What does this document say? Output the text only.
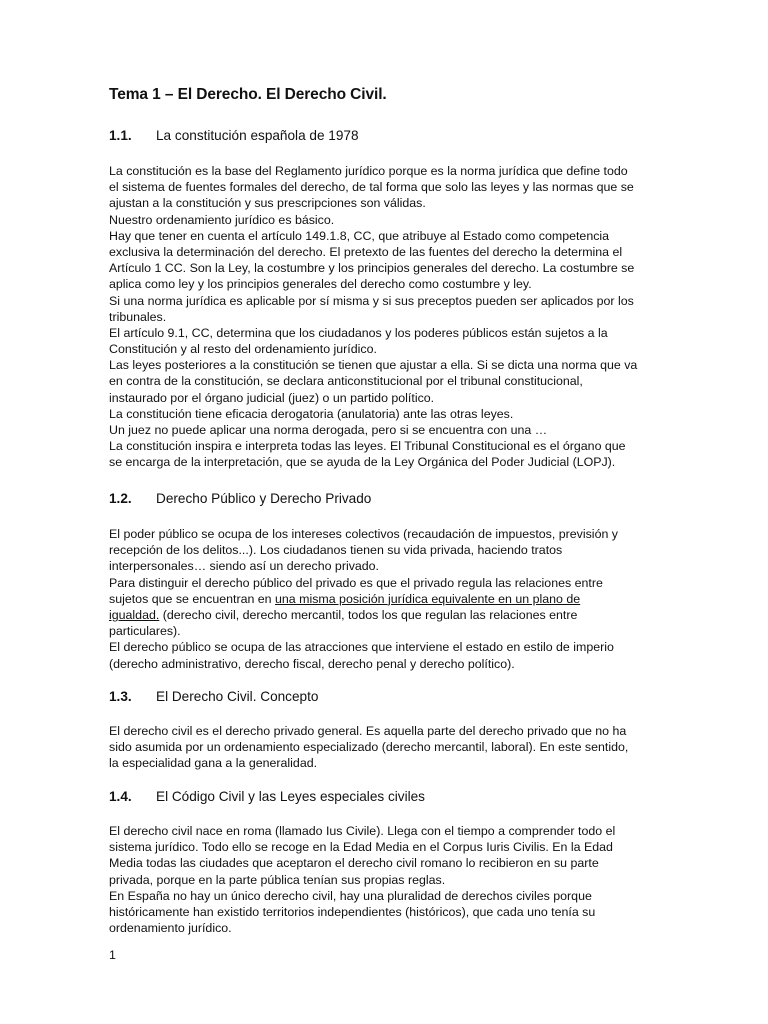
Tema 1 – El Derecho. El Derecho Civil.
1.1. La constitución española de 1978
La constitución es la base del Reglamento jurídico porque es la norma jurídica que define todo
el sistema de fuentes formales del derecho, de tal forma que solo las leyes y las normas que se
ajustan a la constitución y sus prescripciones son válidas.
Nuestro ordenamiento jurídico es básico.
Hay que tener en cuenta el artículo 149.1.8, CC, que atribuye al Estado como competencia
exclusiva la determinación del derecho. El pretexto de las fuentes del derecho la determina el
Artículo 1 CC. Son la Ley, la costumbre y los principios generales del derecho. La costumbre se
aplica como ley y los principios generales del derecho como costumbre y ley.
Si una norma jurídica es aplicable por sí misma y si sus preceptos pueden ser aplicados por los
tribunales.
El artículo 9.1, CC, determina que los ciudadanos y los poderes públicos están sujetos a la
Constitución y al resto del ordenamiento jurídico.
Las leyes posteriores a la constitución se tienen que ajustar a ella. Si se dicta una norma que va
en contra de la constitución, se declara anticonstitucional por el tribunal constitucional,
instaurado por el órgano judicial (juez) o un partido político.
La constitución tiene eficacia derogatoria (anulatoria) ante las otras leyes.
Un juez no puede aplicar una norma derogada, pero si se encuentra con una …
La constitución inspira e interpreta todas las leyes. El Tribunal Constitucional es el órgano que
se encarga de la interpretación, que se ayuda de la Ley Orgánica del Poder Judicial (LOPJ).
1.2. Derecho Público y Derecho Privado
El poder público se ocupa de los intereses colectivos (recaudación de impuestos, previsión y
recepción de los delitos...). Los ciudadanos tienen su vida privada, haciendo tratos
interpersonales… siendo así un derecho privado.
Para distinguir el derecho público del privado es que el privado regula las relaciones entre
sujetos que se encuentran en una misma posición jurídica equivalente en un plano de
igualdad. (derecho civil, derecho mercantil, todos los que regulan las relaciones entre
particulares).
El derecho público se ocupa de las atracciones que interviene el estado en estilo de imperio
(derecho administrativo, derecho fiscal, derecho penal y derecho político).
1.3. El Derecho Civil. Concepto
El derecho civil es el derecho privado general. Es aquella parte del derecho privado que no ha
sido asumida por un ordenamiento especializado (derecho mercantil, laboral). En este sentido,
la especialidad gana a la generalidad.
1.4. El Código Civil y las Leyes especiales civiles
El derecho civil nace en roma (llamado Ius Civile). Llega con el tiempo a comprender todo el
sistema jurídico. Todo ello se recoge en la Edad Media en el Corpus Iuris Civilis. En la Edad
Media todas las ciudades que aceptaron el derecho civil romano lo recibieron en su parte
privada, porque en la parte pública tenían sus propias reglas.
En España no hay un único derecho civil, hay una pluralidad de derechos civiles porque
históricamente han existido territorios independientes (históricos), que cada uno tenía su
ordenamiento jurídico.
1
